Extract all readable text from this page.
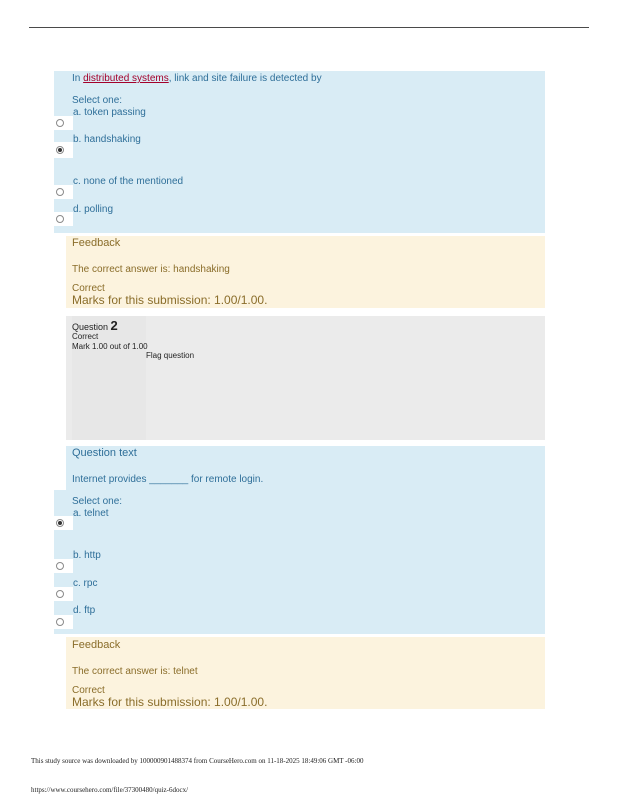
In distributed systems, link and site failure is detected by
Select one:
a. token passing
b. handshaking
c. none of the mentioned
d. polling
Feedback
The correct answer is: handshaking
Correct
Marks for this submission: 1.00/1.00.
Question 2
Correct
Mark 1.00 out of 1.00
Flag question
Question text
Internet provides _______ for remote login.
Select one:
a. telnet
b. http
c. rpc
d. ftp
Feedback
The correct answer is: telnet
Correct
Marks for this submission: 1.00/1.00.
This study source was downloaded by 100000901488374 from CourseHero.com on 11-18-2025 18:49:06 GMT -06:00
https://www.coursehero.com/file/37300480/quiz-6docx/
